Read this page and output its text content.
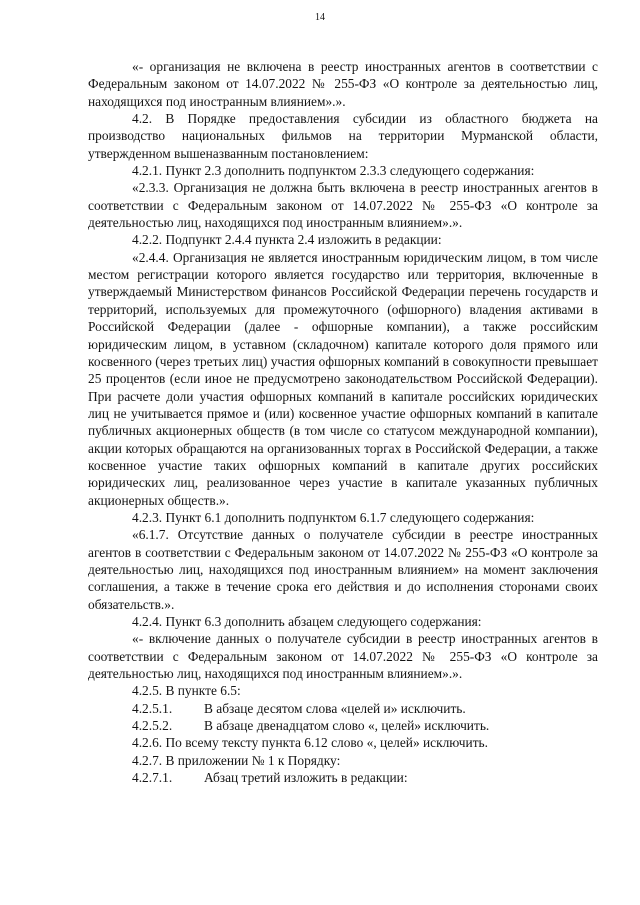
14

«- организация не включена в реестр иностранных агентов в соответствии с Федеральным законом от 14.07.2022 № 255-ФЗ «О контроле за деятельностью лиц, находящихся под иностранным влиянием».».

4.2. В Порядке предоставления субсидии из областного бюджета на производство национальных фильмов на территории Мурманской области, утвержденном вышеназванным постановлением:

4.2.1. Пункт 2.3 дополнить подпунктом 2.3.3 следующего содержания:

«2.3.3. Организация не должна быть включена в реестр иностранных агентов в соответствии с Федеральным законом от 14.07.2022 № 255-ФЗ «О контроле за деятельностью лиц, находящихся под иностранным влиянием».».

4.2.2. Подпункт 2.4.4 пункта 2.4 изложить в редакции:

«2.4.4. Организация не является иностранным юридическим лицом, в том числе местом регистрации которого является государство или территория, включенные в утверждаемый Министерством финансов Российской Федерации перечень государств и территорий, используемых для промежуточного (офшорного) владения активами в Российской Федерации (далее - офшорные компании), а также российским юридическим лицом, в уставном (складочном) капитале которого доля прямого или косвенного (через третьих лиц) участия офшорных компаний в совокупности превышает 25 процентов (если иное не предусмотрено законодательством Российской Федерации). При расчете доли участия офшорных компаний в капитале российских юридических лиц не учитывается прямое и (или) косвенное участие офшорных компаний в капитале публичных акционерных обществ (в том числе со статусом международной компании), акции которых обращаются на организованных торгах в Российской Федерации, а также косвенное участие таких офшорных компаний в капитале других российских юридических лиц, реализованное через участие в капитале указанных публичных акционерных обществ.».

4.2.3. Пункт 6.1 дополнить подпунктом 6.1.7 следующего содержания:

«6.1.7. Отсутствие данных о получателе субсидии в реестре иностранных агентов в соответствии с Федеральным законом от 14.07.2022 № 255-ФЗ «О контроле за деятельностью лиц, находящихся под иностранным влиянием» на момент заключения соглашения, а также в течение срока его действия и до исполнения сторонами своих обязательств.».

4.2.4. Пункт 6.3 дополнить абзацем следующего содержания:

«- включение данных о получателе субсидии в реестр иностранных агентов в соответствии с Федеральным законом от 14.07.2022 № 255-ФЗ «О контроле за деятельностью лиц, находящихся под иностранным влиянием».».

4.2.5. В пункте 6.5:

4.2.5.1.	В абзаце десятом слова «целей и» исключить.

4.2.5.2.	В абзаце двенадцатом слово «, целей» исключить.

4.2.6. По всему тексту пункта 6.12 слово «, целей» исключить.

4.2.7. В приложении № 1 к Порядку:

4.2.7.1.	Абзац третий изложить в редакции:
